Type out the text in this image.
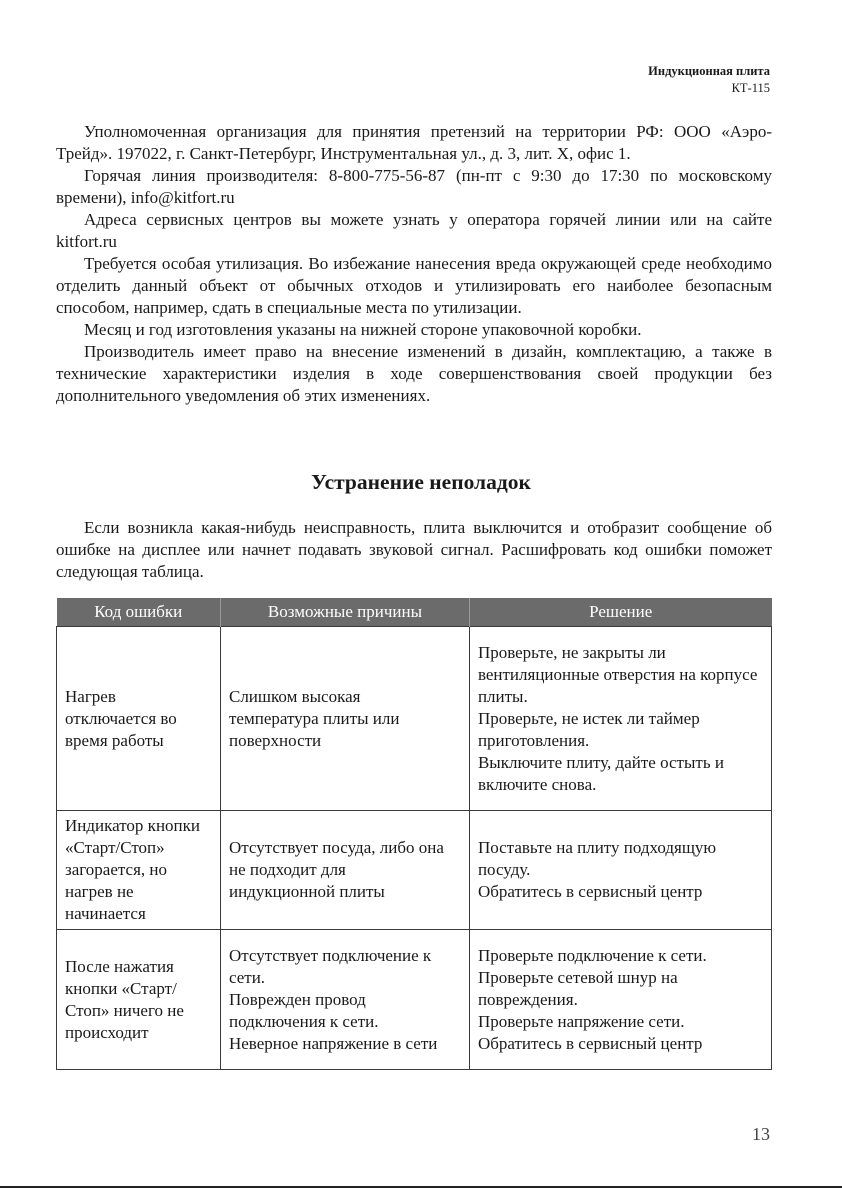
Индукционная плита
КТ-115

Уполномоченная организация для принятия претензий на территории РФ: ООО «Аэро-Трейд». 197022, г. Санкт-Петербург, Инструментальная ул., д. 3, лит. Х, офис 1.

Горячая линия производителя: 8-800-775-56-87 (пн-пт с 9:30 до 17:30 по московскому времени), info@kitfort.ru

Адреса сервисных центров вы можете узнать у оператора горячей линии или на сайте kitfort.ru

Требуется особая утилизация. Во избежание нанесения вреда окружающей среде необходимо отделить данный объект от обычных отходов и утилизировать его наиболее безопасным способом, например, сдать в специальные места по утилизации.

Месяц и год изготовления указаны на нижней стороне упаковочной коробки.

Производитель имеет право на внесение изменений в дизайн, комплектацию, а также в технические характеристики изделия в ходе совершенствования своей продукции без дополнительного уведомления об этих изменениях.

Устранение неполадок

Если возникла какая-нибудь неисправность, плита выключится и отобразит сообщение об ошибке на дисплее или начнет подавать звуковой сигнал. Расшифровать код ошибки поможет следующая таблица.

Код ошибки	Возможные причины	Решение

Нагрев отключается во время работы	Слишком высокая температура плиты или поверхности	Проверьте, не закрыты ли вентиляционные отверстия на корпусе плиты.
Проверьте, не истек ли таймер приготовления.
Выключите плиту, дайте остыть и включите снова.

Индикатор кнопки «Старт/Стоп» загорается, но нагрев не начинается	Отсутствует посуда, либо она не подходит для индукционной плиты	Поставьте на плиту подходящую посуду.
Обратитесь в сервисный центр

После нажатия кнопки «Старт/Стоп» ничего не происходит	Отсутствует подключение к сети.
Поврежден провод подключения к сети.
Неверное напряжение в сети	Проверьте подключение к сети.
Проверьте сетевой шнур на повреждения.
Проверьте напряжение сети.
Обратитесь в сервисный центр
13
